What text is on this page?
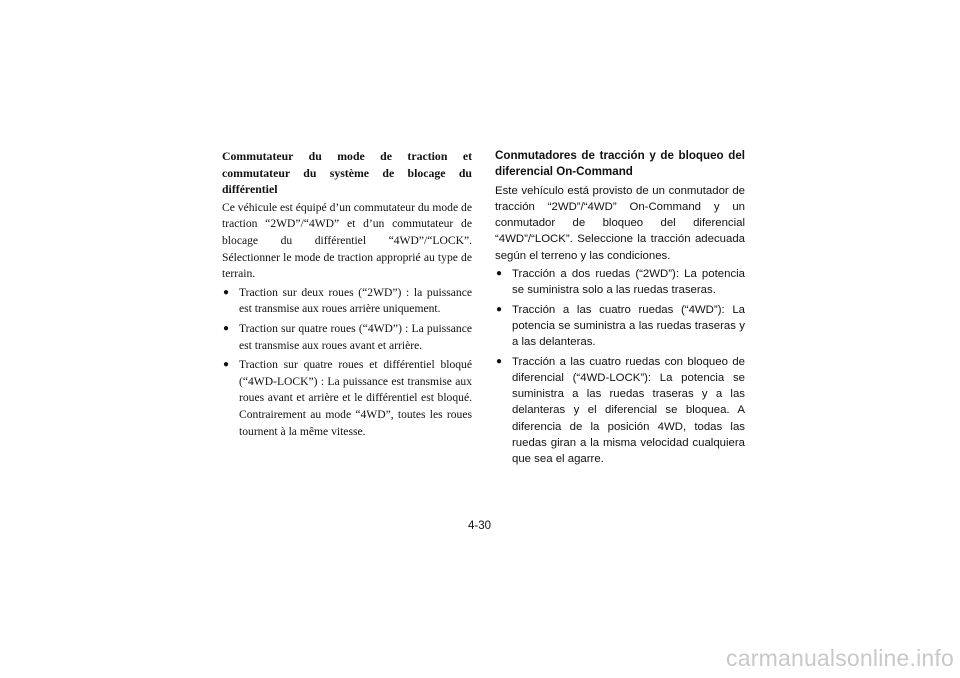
Commutateur du mode de traction et commutateur du système de blocage du différentiel

Ce véhicule est équipé d’un commutateur du mode de traction “2WD”/“4WD” et d’un commutateur de blocage du différentiel “4WD”/“LOCK”. Sélectionner le mode de traction approprié au type de terrain.

● Traction sur deux roues (“2WD”) : la puissance est transmise aux roues arrière uniquement.
● Traction sur quatre roues (“4WD”) : La puissance est transmise aux roues avant et arrière.
● Traction sur quatre roues et différentiel bloqué (“4WD-LOCK”) : La puissance est transmise aux roues avant et arrière et le différentiel est bloqué. Contrairement au mode “4WD”, toutes les roues tournent à la même vitesse.

Conmutadores de tracción y de bloqueo del diferencial On-Command

Este vehículo está provisto de un conmutador de tracción “2WD”/“4WD” On-Command y un conmutador de bloqueo del diferencial “4WD”/“LOCK”. Seleccione la tracción adecuada según el terreno y las condiciones.

● Tracción a dos ruedas (“2WD”): La potencia se suministra solo a las ruedas traseras.
● Tracción a las cuatro ruedas (“4WD”): La potencia se suministra a las ruedas traseras y a las delanteras.
● Tracción a las cuatro ruedas con bloqueo de diferencial (“4WD-LOCK”): La potencia se suministra a las ruedas traseras y a las delanteras y el diferencial se bloquea. A diferencia de la posición 4WD, todas las ruedas giran a la misma velocidad cualquiera que sea el agarre.
4-30
carmanualsonline.info
